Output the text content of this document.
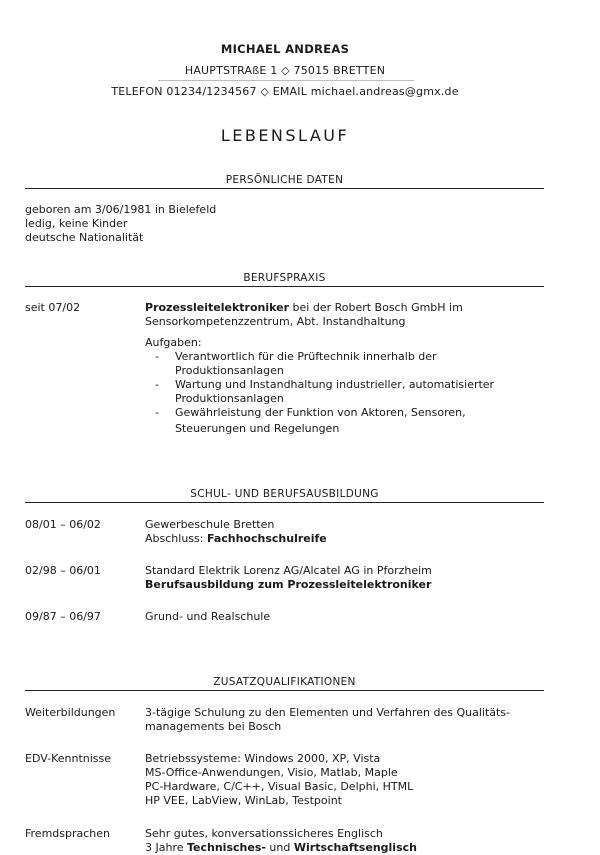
MICHAEL ANDREAS
HAUPTSTRAßE 1 ◇ 75015 BRETTEN
TELEFON 01234/1234567 ◇ EMAIL michael.andreas@gmx.de
LEBENSLAUF
PERSÖNLICHE DATEN
geboren am 3/06/1981 in Bielefeld
ledig, keine Kinder
deutsche Nationalität
BERUFSPRAXIS
seit 07/02	Prozessleitelektroniker bei der Robert Bosch GmbH im
Sensorkompetenzzentrum, Abt. Instandhaltung
Aufgaben:
- Verantwortlich für die Prüftechnik innerhalb der
Produktionsanlagen
- Wartung und Instandhaltung industrieller, automatisierter
Produktionsanlagen
- Gewährleistung der Funktion von Aktoren, Sensoren,
Steuerungen und Regelungen
SCHUL- UND BERUFSAUSBILDUNG
08/01 – 06/02	Gewerbeschule Bretten
Abschluss: Fachhochschulreife
02/98 – 06/01	Standard Elektrik Lorenz AG/Alcatel AG in Pforzheim
Berufsausbildung zum Prozessleitelektroniker
09/87 – 06/97	Grund- und Realschule
ZUSATZQUALIFIKATIONEN
Weiterbildungen	3-tägige Schulung zu den Elementen und Verfahren des Qualitäts-
managements bei Bosch
EDV-Kenntnisse	Betriebssysteme: Windows 2000, XP, Vista
MS-Office-Anwendungen, Visio, Matlab, Maple
PC-Hardware, C/C++, Visual Basic, Delphi, HTML
HP VEE, LabView, WinLab, Testpoint
Fremdsprachen	Sehr gutes, konversationssicheres Englisch
3 Jahre Technisches- und Wirtschaftsenglisch
